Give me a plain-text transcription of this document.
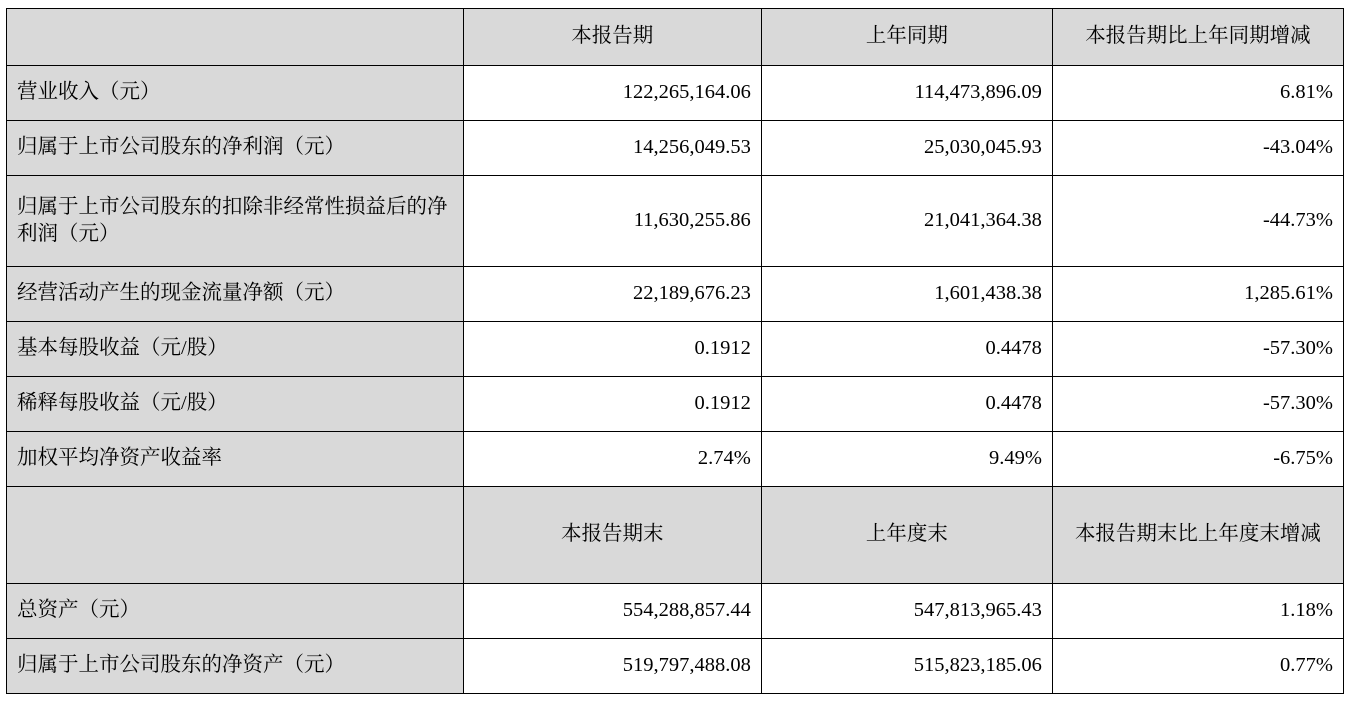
	本报告期	上年同期	本报告期比上年同期增减
营业收入（元）	122,265,164.06	114,473,896.09	6.81%
归属于上市公司股东的净利润（元）	14,256,049.53	25,030,045.93	-43.04%
归属于上市公司股东的扣除非经常性损益后的净利润（元）	11,630,255.86	21,041,364.38	-44.73%
经营活动产生的现金流量净额（元）	22,189,676.23	1,601,438.38	1,285.61%
基本每股收益（元/股）	0.1912	0.4478	-57.30%
稀释每股收益（元/股）	0.1912	0.4478	-57.30%
加权平均净资产收益率	2.74%	9.49%	-6.75%
	本报告期末	上年度末	本报告期末比上年度末增减
总资产（元）	554,288,857.44	547,813,965.43	1.18%
归属于上市公司股东的净资产（元）	519,797,488.08	515,823,185.06	0.77%
